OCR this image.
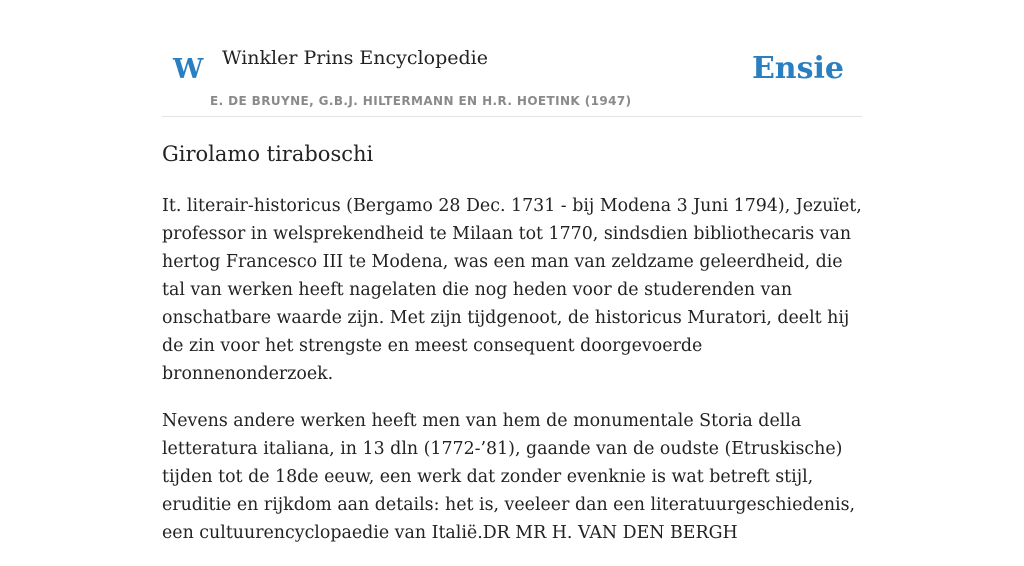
W Winkler Prins Encyclopedie
E. DE BRUYNE, G.B.J. HILTERMANN EN H.R. HOETINK (1947)
Ensie
Girolamo tiraboschi

It. literair-historicus (Bergamo 28 Dec. 1731 - bij Modena 3 Juni 1794), Jezuïet, professor in welsprekendheid te Milaan tot 1770, sindsdien bibliothecaris van hertog Francesco III te Modena, was een man van zeldzame geleerdheid, die tal van werken heeft nagelaten die nog heden voor de studerenden van onschatbare waarde zijn. Met zijn tijdgenoot, de historicus Muratori, deelt hij de zin voor het strengste en meest consequent doorgevoerde bronnenonderzoek.

Nevens andere werken heeft men van hem de monumentale Storia della letteratura italiana, in 13 dln (1772-’81), gaande van de oudste (Etruskische) tijden tot de 18de eeuw, een werk dat zonder evenknie is wat betreft stijl, eruditie en rijkdom aan details: het is, veeleer dan een literatuurgeschiedenis, een cultuurencyclopaedie van Italië.DR MR H. VAN DEN BERGH
